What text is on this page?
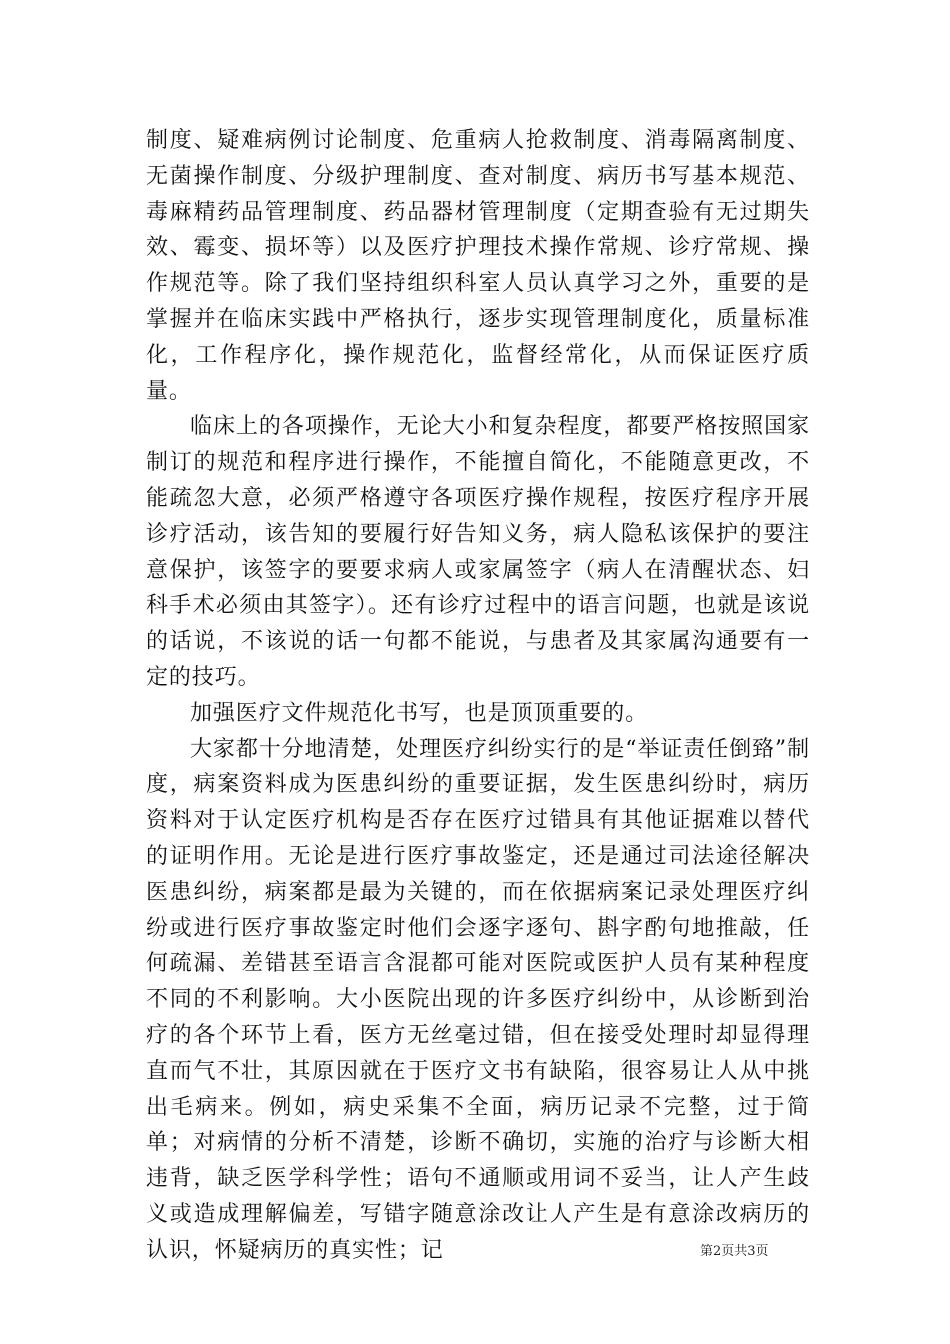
制度、疑难病例讨论制度、危重病人抢救制度、消毒隔离制度、无菌操作制度、分级护理制度、查对制度、病历书写基本规范、毒麻精药品管理制度、药品器材管理制度（定期查验有无过期失效、霉变、损坏等）以及医疗护理技术操作常规、诊疗常规、操作规范等。除了我们坚持组织科室人员认真学习之外，重要的是掌握并在临床实践中严格执行，逐步实现管理制度化，质量标准化，工作程序化，操作规范化，监督经常化，从而保证医疗质量。

临床上的各项操作，无论大小和复杂程度，都要严格按照国家制订的规范和程序进行操作，不能擅自简化，不能随意更改，不能疏忽大意，必须严格遵守各项医疗操作规程，按医疗程序开展诊疗活动，该告知的要履行好告知义务，病人隐私该保护的要注意保护，该签字的要要求病人或家属签字（病人在清醒状态、妇科手术必须由其签字）。还有诊疗过程中的语言问题，也就是该说的话说，不该说的话一句都不能说，与患者及其家属沟通要有一定的技巧。

加强医疗文件规范化书写，也是顶顶重要的。

大家都十分地清楚，处理医疗纠纷实行的是“举证责任倒臵”制度，病案资料成为医患纠纷的重要证据，发生医患纠纷时，病历资料对于认定医疗机构是否存在医疗过错具有其他证据难以替代的证明作用。无论是进行医疗事故鉴定，还是通过司法途径解决医患纠纷，病案都是最为关键的，而在依据病案记录处理医疗纠纷或进行医疗事故鉴定时他们会逐字逐句、斟字酌句地推敲，任何疏漏、差错甚至语言含混都可能对医院或医护人员有某种程度不同的不利影响。大小医院出现的许多医疗纠纷中，从诊断到治疗的各个环节上看，医方无丝毫过错，但在接受处理时却显得理直而气不壮，其原因就在于医疗文书有缺陷，很容易让人从中挑出毛病来。例如，病史采集不全面，病历记录不完整，过于简单；对病情的分析不清楚，诊断不确切，实施的治疗与诊断大相违背，缺乏医学科学性；语句不通顺或用词不妥当，让人产生歧义或造成理解偏差，写错字随意涂改让人产生是有意涂改病历的认识，怀疑病历的真实性；记	第2页共3页
